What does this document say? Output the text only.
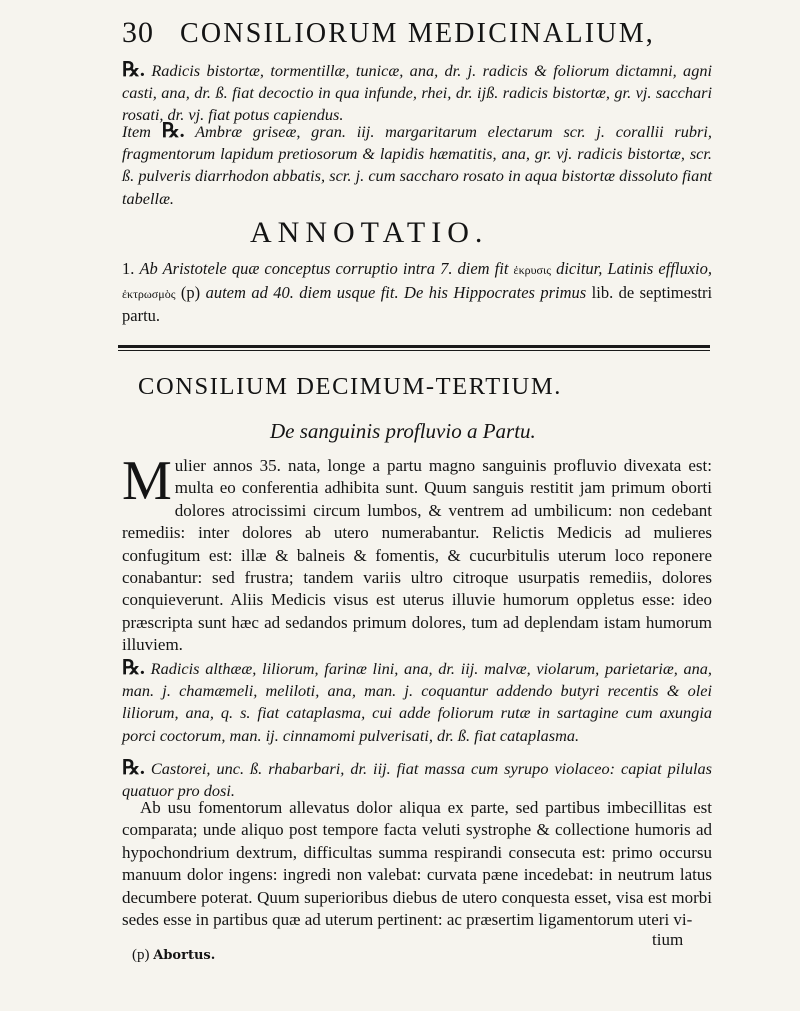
30 CONSILIORUM MEDICINALIUM,
℞. Radicis bistortæ, tormentillæ, tunicæ, ana, dr. j. radicis & foliorum dictamni, agni casti, ana, dr. ß. fiat decoctio in qua infunde, rhei, dr. ijß. radicis bistortæ, gr. vj. sacchari rosati, dr. vj. fiat potus capiendus.
Item ℞. Ambræ griseæ, gran. iij. margaritarum electarum scr. j. corallii rubri, fragmentorum lapidum pretiosorum & lapidis hæmatitis, ana, gr. vj. radicis bistortæ, scr. ß. pulveris diarrhodon abbatis, scr. j. cum saccharo rosato in aqua bistortæ dissoluto fiant tabellæ.
ANNOTATIO.
1. Ab Aristotele quæ conceptus corruptio intra 7. diem fit ἐκρυσις dicitur, Latinis effluxio, ἐκτρωσμὸς (p) autem ad 40. diem usque fit. De his Hippocrates primus lib. de septimestri partu.
CONSILIUM DECIMUM-TERTIUM.
De sanguinis profluvio a Partu.
M ulier annos 35. nata, longe a partu magno sanguinis profluvio divexata est: multa eo conferentia adhibita sunt. Quum sanguis restitit jam primum oborti dolores atrocissimi circum lumbos, & ventrem ad umbilicum: non cedebant remediis: inter dolores ab utero numerabantur. Relictis Medicis ad mulieres confugitum est: illæ & balneis & fomentis, & cucurbitulis uterum loco reponere conabantur: sed frustra; tandem variis ultro citroque usurpatis remediis, dolores conquieverunt. Aliis Medicis visus est uterus illuvie humorum oppletus esse: ideo præscripta sunt hæc ad sedandos primum dolores, tum ad deplendam istam humorum illuviem.
℞. Radicis althææ, liliorum, farinæ lini, ana, dr. iij. malvæ, violarum, parietariæ, ana, man. j. chamæmeli, meliloti, ana, man. j. coquantur addendo butyri recentis & olei liliorum, ana, q. s. fiat cataplasma, cui adde foliorum rutæ in sartagine cum axungia porci coctorum, man. ij. cinnamomi pulverisati, dr. ß. fiat cataplasma.
℞. Castorei, unc. ß. rhabarbari, dr. iij. fiat massa cum syrupo violaceo: capiat pilulas quatuor pro dosi.
Ab usu fomentorum allevatus dolor aliqua ex parte, sed partibus imbecillitas est comparata; unde aliquo post tempore facta veluti systrophe & collectione humoris ad hypochondrium dextrum, difficultas summa respirandi consecuta est: primo occursu manuum dolor ingens: ingredi non valebat: curvata pæne incedebat: in neutrum latus decumbere poterat. Quum superioribus diebus de utero conquesta esset, visa est morbi sedes esse in partibus quæ ad uterum pertinent: ac præsertim ligamentorum uteri vi-
tium
(p) Abortus.
